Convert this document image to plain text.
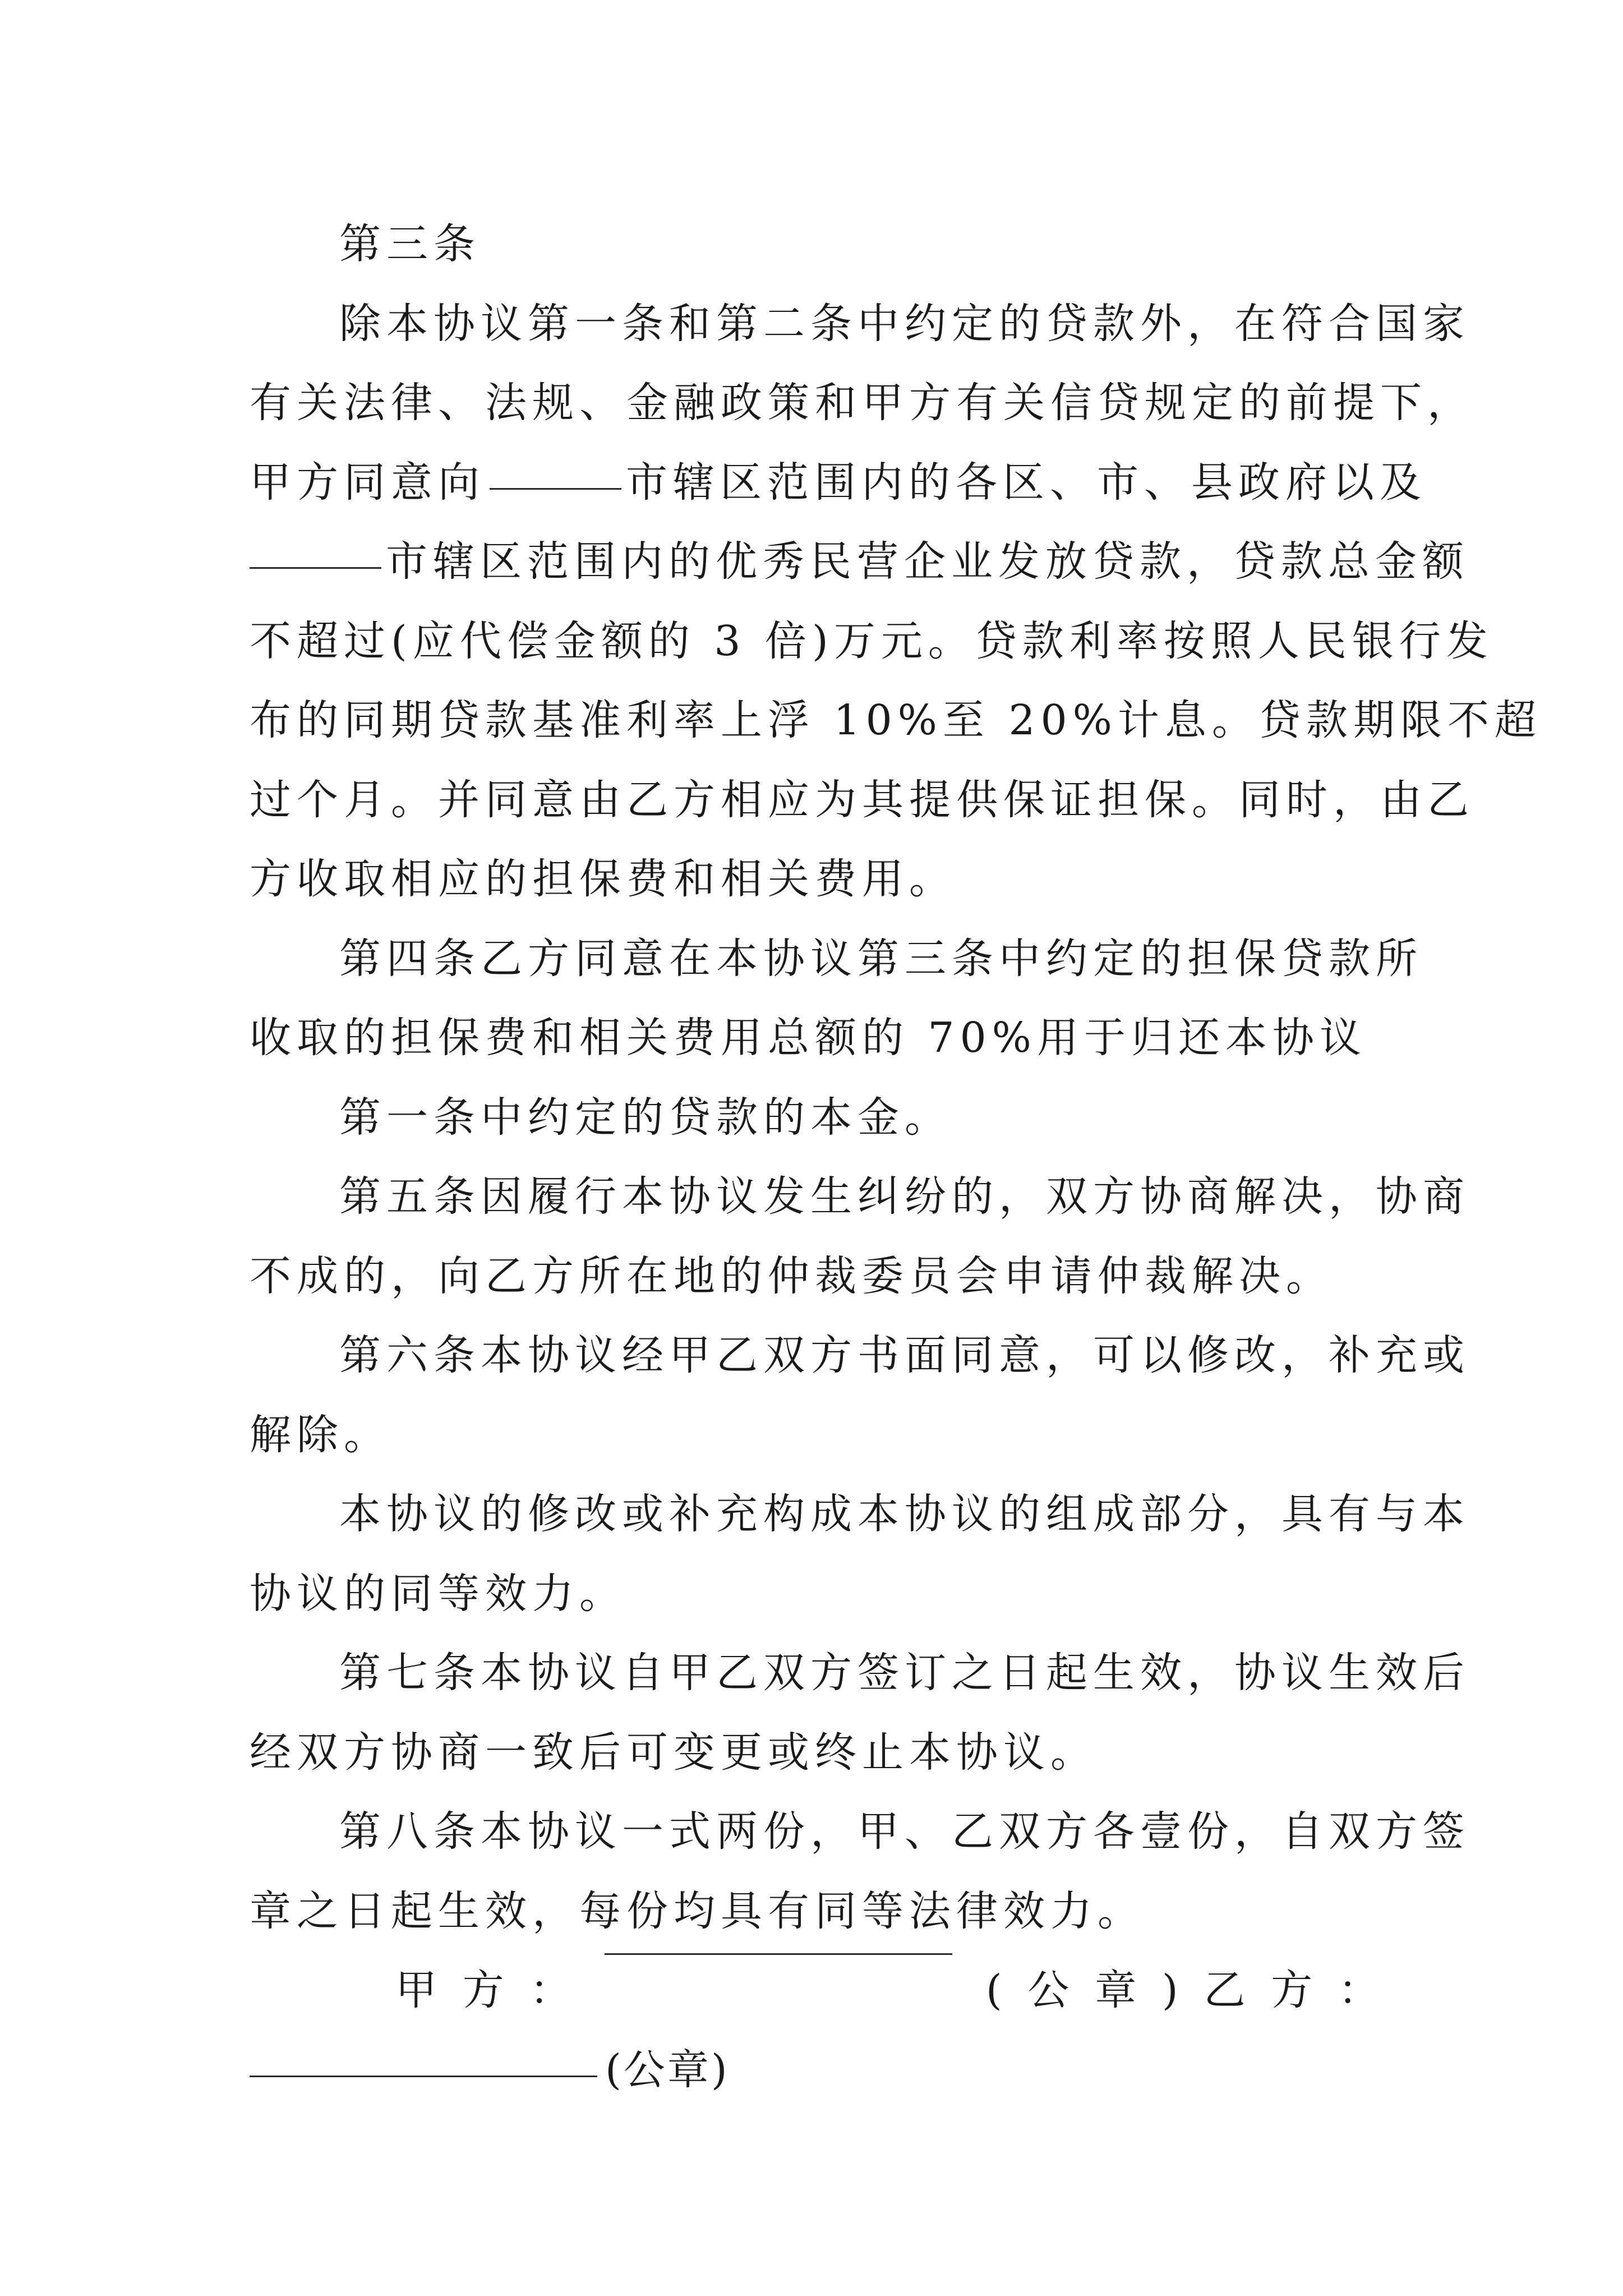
第三条
除本协议第一条和第二条中约定的贷款外，在符合国家
有关法律、法规、金融政策和甲方有关信贷规定的前提下，
甲方同意向	市辖区范围内的各区、市、县政府以及
市辖区范围内的优秀民营企业发放贷款，贷款总金额
不超过(应代偿金额的 3 倍)万元。贷款利率按照人民银行发
布的同期贷款基准利率上浮 10%至 20%计息。贷款期限不超
过个月。并同意由乙方相应为其提供保证担保。同时，由乙
方收取相应的担保费和相关费用。
第四条乙方同意在本协议第三条中约定的担保贷款所
收取的担保费和相关费用总额的 70%用于归还本协议
第一条中约定的贷款的本金。
第五条因履行本协议发生纠纷的，双方协商解决，协商
不成的，向乙方所在地的仲裁委员会申请仲裁解决。
第六条本协议经甲乙双方书面同意，可以修改，补充或
解除。
本协议的修改或补充构成本协议的组成部分，具有与本
协议的同等效力。
第七条本协议自甲乙双方签订之日起生效，协议生效后
经双方协商一致后可变更或终止本协议。
第八条本协议一式两份，甲、乙双方各壹份，自双方签
章之日起生效，每份均具有同等法律效力。
甲 方 ：	( 公 章 ) 乙 方 ：
(公章)
